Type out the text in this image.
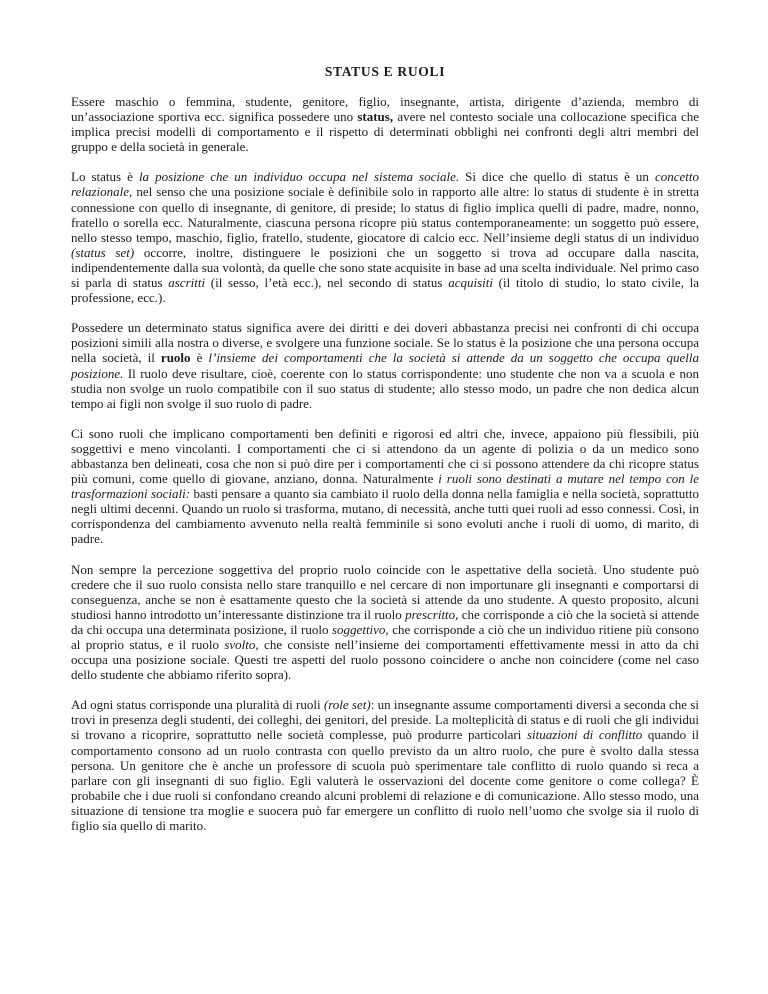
STATUS E RUOLI

Essere maschio o femmina, studente, genitore, figlio, insegnante, artista, dirigente d’azienda, membro di un’associazione sportiva ecc. significa possedere uno status, avere nel contesto sociale una collocazione specifica che implica precisi modelli di comportamento e il rispetto di determinati obblighi nei confronti degli altri membri del gruppo e della società in generale.

Lo status è la posizione che un individuo occupa nel sistema sociale. Si dice che quello di status è un concetto relazionale, nel senso che una posizione sociale è definibile solo in rapporto alle altre: lo status di studente è in stretta connessione con quello di insegnante, di genitore, di preside; lo status di figlio implica quelli di padre, madre, nonno, fratello o sorella ecc. Naturalmente, ciascuna persona ricopre più status contemporaneamente: un soggetto può essere, nello stesso tempo, maschio, figlio, fratello, studente, giocatore di calcio ecc. Nell’insieme degli status di un individuo (status set) occorre, inoltre, distinguere le posizioni che un soggetto si trova ad occupare dalla nascita, indipendentemente dalla sua volontà, da quelle che sono state acquisite in base ad una scelta individuale. Nel primo caso si parla di status ascritti (il sesso, l’età ecc.), nel secondo di status acquisiti (il titolo di studio, lo stato civile, la professione, ecc.).

Possedere un determinato status significa avere dei diritti e dei doveri abbastanza precisi nei confronti di chi occupa posizioni simili alla nostra o diverse, e svolgere una funzione sociale. Se lo status è la posizione che una persona occupa nella società, il ruolo è l’insieme dei comportamenti che la società si attende da un soggetto che occupa quella posizione. Il ruolo deve risultare, cioè, coerente con lo status corrispondente: uno studente che non va a scuola e non studia non svolge un ruolo compatibile con il suo status di studente; allo stesso modo, un padre che non dedica alcun tempo ai figli non svolge il suo ruolo di padre.

Ci sono ruoli che implicano comportamenti ben definiti e rigorosi ed altri che, invece, appaiono più flessibili, più soggettivi e meno vincolanti. I comportamenti che ci si attendono da un agente di polizia o da un medico sono abbastanza ben delineati, cosa che non si può dire per i comportamenti che ci si possono attendere da chi ricopre status più comuni, come quello di giovane, anziano, donna. Naturalmente i ruoli sono destinati a mutare nel tempo con le trasformazioni sociali: basti pensare a quanto sia cambiato il ruolo della donna nella famiglia e nella società, soprattutto negli ultimi decenni. Quando un ruolo si trasforma, mutano, di necessità, anche tutti quei ruoli ad esso connessi. Così, in corrispondenza del cambiamento avvenuto nella realtà femminile si sono evoluti anche i ruoli di uomo, di marito, di padre.

Non sempre la percezione soggettiva del proprio ruolo coincide con le aspettative della società. Uno studente può credere che il suo ruolo consista nello stare tranquillo e nel cercare di non importunare gli insegnanti e comportarsi di conseguenza, anche se non è esattamente questo che la società si attende da uno studente. A questo proposito, alcuni studiosi hanno introdotto un’interessante distinzione tra il ruolo prescritto, che corrisponde a ciò che la società si attende da chi occupa una determinata posizione, il ruolo soggettivo, che corrisponde a ciò che un individuo ritiene più consono al proprio status, e il ruolo svolto, che consiste nell’insieme dei comportamenti effettivamente messi in atto da chi occupa una posizione sociale. Questi tre aspetti del ruolo possono coincidere o anche non coincidere (come nel caso dello studente che abbiamo riferito sopra).

Ad ogni status corrisponde una pluralità di ruoli (role set): un insegnante assume comportamenti diversi a seconda che si trovi in presenza degli studenti, dei colleghi, dei genitori, del preside. La molteplicità di status e di ruoli che gli individui si trovano a ricoprire, soprattutto nelle società complesse, può produrre particolari situazioni di conflitto quando il comportamento consono ad un ruolo contrasta con quello previsto da un altro ruolo, che pure è svolto dalla stessa persona. Un genitore che è anche un professore di scuola può sperimentare tale conflitto di ruolo quando si reca a parlare con gli insegnanti di suo figlio. Egli valuterà le osservazioni del docente come genitore o come collega? È probabile che i due ruoli si confondano creando alcuni problemi di relazione e di comunicazione. Allo stesso modo, una situazione di tensione tra moglie e suocera può far emergere un conflitto di ruolo nell’uomo che svolge sia il ruolo di figlio sia quello di marito.
